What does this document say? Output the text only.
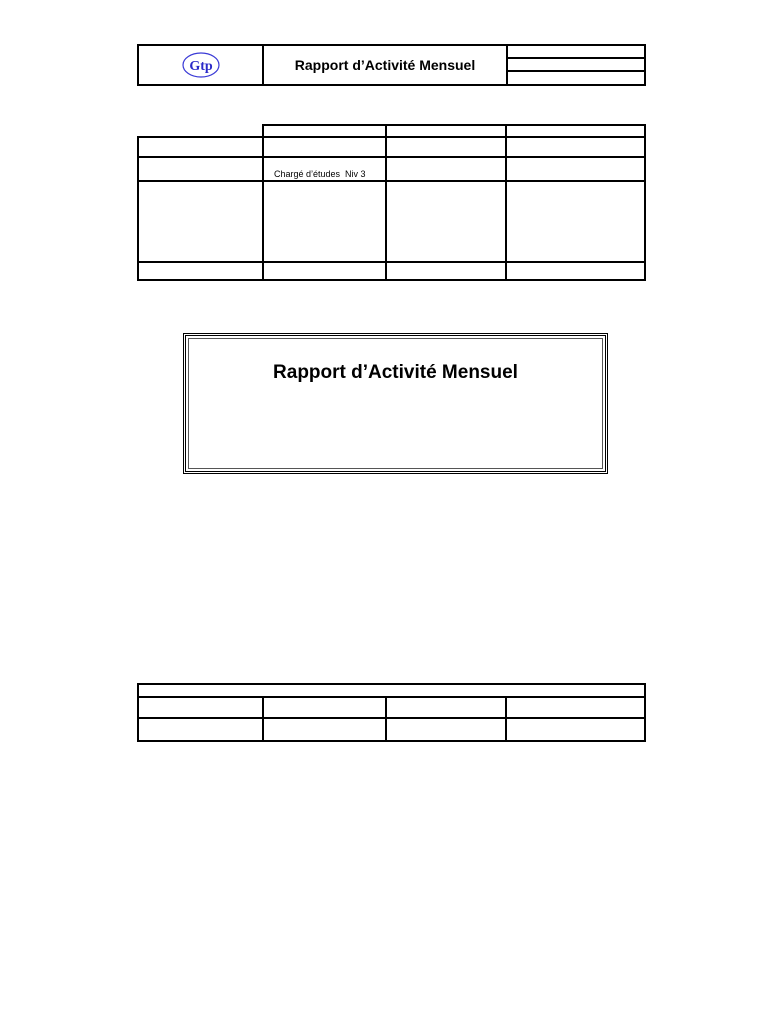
Gtp	Rapport d’Activité Mensuel
Chargé d’études  Niv 3
Rapport d’Activité Mensuel
